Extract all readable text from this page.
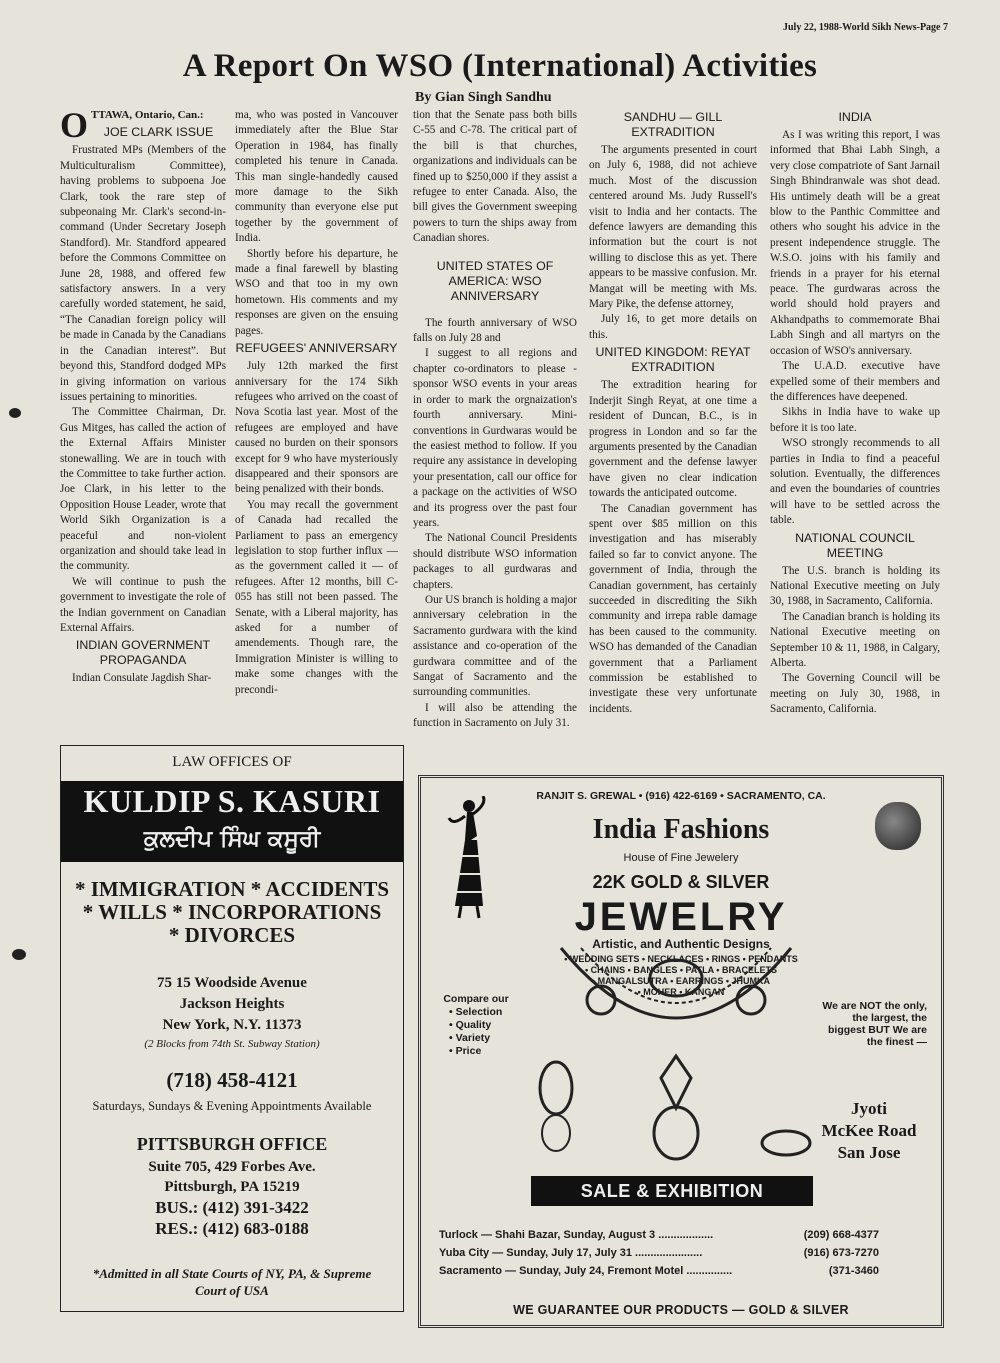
July 22, 1988-World Sikh News-Page 7
A Report On WSO (International) Activities
By Gian Singh Sandhu

OTTAWA, Ontario, Can.:

JOE CLARK ISSUE

Frustrated MPs (Members of the Multiculturalism Committee), having problems to subpoena Joe Clark, took the rare step of subpeonaing Mr. Clark's second-in-command (Under Secretary Joseph Standford). Mr. Standford appeared before the Commons Committee on June 28, 1988, and offered few satisfactory answers. In a very carefully worded statement, he said, “The Canadian foreign policy will be made in Canada by the Canadians in the Canadian interest”. But beyond this, Standford dodged MPs in giving information on various issues pertaining to minorities.

The Committee Chairman, Dr. Gus Mitges, has called the action of the External Affairs Minister stonewalling. We are in touch with the Committee to take further action. Joe Clark, in his letter to the Opposition House Leader, wrote that World Sikh Organization is a peaceful and non-violent organization and should take lead in the community.

We will continue to push the government to investigate the role of the Indian government on Canadian External Affairs.

INDIAN GOVERNMENT PROPAGANDA

Indian Consulate Jagdish Shar-

ma, who was posted in Vancouver immediately after the Blue Star Operation in 1984, has finally completed his tenure in Canada. This man single-handedly caused more damage to the Sikh community than everyone else put together by the government of India.

Shortly before his departure, he made a final farewell by blasting WSO and that too in my own hometown. His comments and my responses are given on the ensuing pages.

REFUGEES' ANNIVERSARY

July 12th marked the first anniversary for the 174 Sikh refugees who arrived on the coast of Nova Scotia last year. Most of the refugees are employed and have caused no burden on their sponsors except for 9 who have mysteriously disappeared and their sponsors are being penalized with their bonds.

You may recall the government of Canada had recalled the Parliament to pass an emergency legislation to stop further influx — as the government called it — of refugees. After 12 months, bill C-055 has still not been passed. The Senate, with a Liberal majority, has asked for a number of amendements. Though rare, the Immigration Minister is willing to make some changes with the precondi-

tion that the Senate pass both bills C-55 and C-78. The critical part of the bill is that churches, organizations and individuals can be fined up to $250,000 if they assist a refugee to enter Canada. Also, the bill gives the Government sweeping powers to turn the ships away from Canadian shores.

UNITED STATES OF AMERICA: WSO ANNIVERSARY

The fourth anniversary of WSO falls on July 28 and

I suggest to all regions and chapter co-ordinators to please - sponsor WSO events in your areas in order to mark the orgnaization's fourth anniversary. Mini-conventions in Gurdwaras would be the easiest method to follow. If you require any assistance in developing your presentation, call our office for a package on the activities of WSO and its progress over the past four years.

The National Council Presidents should distribute WSO information packages to all gurdwaras and chapters.

Our US branch is holding a major anniversary celebration in the Sacramento gurdwara with the kind assistance and co-operation of the gurdwara committee and of the Sangat of Sacramento and the surrounding communities.

I will also be attending the function in Sacramento on July 31.

SANDHU — GILL EXTRADITION

The arguments presented in court on July 6, 1988, did not achieve much. Most of the discussion centered around Ms. Judy Russell's visit to India and her contacts. The defence lawyers are demanding this information but the court is not willing to disclose this as yet. There appears to be massive confusion. Mr. Mangat will be meeting with Ms. Mary Pike, the defense attorney,

July 16, to get more details on this.

UNITED KINGDOM: REYAT EXTRADITION

The extradition hearing for Inderjit Singh Reyat, at one time a resident of Duncan, B.C., is in progress in London and so far the arguments presented by the Canadian government and the defense lawyer have given no clear indication towards the anticipated outcome.

The Canadian government has spent over $85 million on this investigation and has miserably failed so far to convict anyone. The government of India, through the Canadian government, has certainly succeeded in discrediting the Sikh community and irrepa rable damage has been caused to the community. WSO has demanded of the Canadian government that a Parliament commission be established to investigate these very unfortunate incidents.

INDIA

As I was writing this report, I was informed that Bhai Labh Singh, a very close compatriote of Sant Jarnail Singh Bhindranwale was shot dead. His untimely death will be a great blow to the Panthic Committee and others who sought his advice in the present independence struggle. The W.S.O. joins with his family and friends in a prayer for his eternal peace. The gurdwaras across the world should hold prayers and Akhandpaths to commemorate Bhai Labh Singh and all martyrs on the occasion of WSO's anniversary.

The U.A.D. executive have expelled some of their members and the differences have deepened.

Sikhs in India have to wake up before it is too late.

WSO strongly recommends to all parties in India to find a peaceful solution. Eventually, the differences and even the boundaries of countries will have to be settled across the table.

NATIONAL COUNCIL MEETING

The U.S. branch is holding its National Executive meeting on July 30, 1988, in Sacramento, California.

The Canadian branch is holding its National Executive meeting on September 10 & 11, 1988, in Calgary, Alberta.

The Governing Council will be meeting on July 30, 1988, in Sacramento, California.

LAW OFFICES OF
KULDIP S. KASURI
ਕੁਲਦੀਪ ਸਿੰਘ ਕਸੂਰੀ
* IMMIGRATION * ACCIDENTS
* WILLS * INCORPORATIONS
* DIVORCES
75 15 Woodside Avenue
Jackson Heights
New York, N.Y. 11373
(2 Blocks from 74th St. Subway Station)
(718) 458-4121
Saturdays, Sundays & Evening Appointments Available
PITTSBURGH OFFICE
Suite 705, 429 Forbes Ave.
Pittsburgh, PA 15219
BUS.: (412) 391-3422
RES.: (412) 683-0188
*Admitted in all State Courts of NY, PA, & Supreme
Court of USA
RANJIT S. GREWAL • (916) 422-6169 • SACRAMENTO, CA.
India Fashions
House of Fine Jewelery
22K GOLD & SILVER
JEWELRY
Artistic, and Authentic Designs
• WEDDING SETS • NECKLACES • RINGS • PENDANTS
• CHAINS • BANGLES • PATLA • BRACELETS
• MANGALSUTRA • EARRINGS • JHUMKA
• MOHER • KANGAN
Compare our
• Selection
• Quality
• Variety
• Price
We are NOT the only, the largest, the biggest BUT We are the finest —
Jyoti
McKee Road
San Jose
SALE & EXHIBITION
Turlock — Shahi Bazar, Sunday, August 3 ..................	(209) 668-4377
Yuba City — Sunday, July 17, July 31 ......................	(916) 673-7270
Sacramento — Sunday, July 24, Fremont Motel ...............	(371-3460
WE GUARANTEE OUR PRODUCTS — GOLD & SILVER
